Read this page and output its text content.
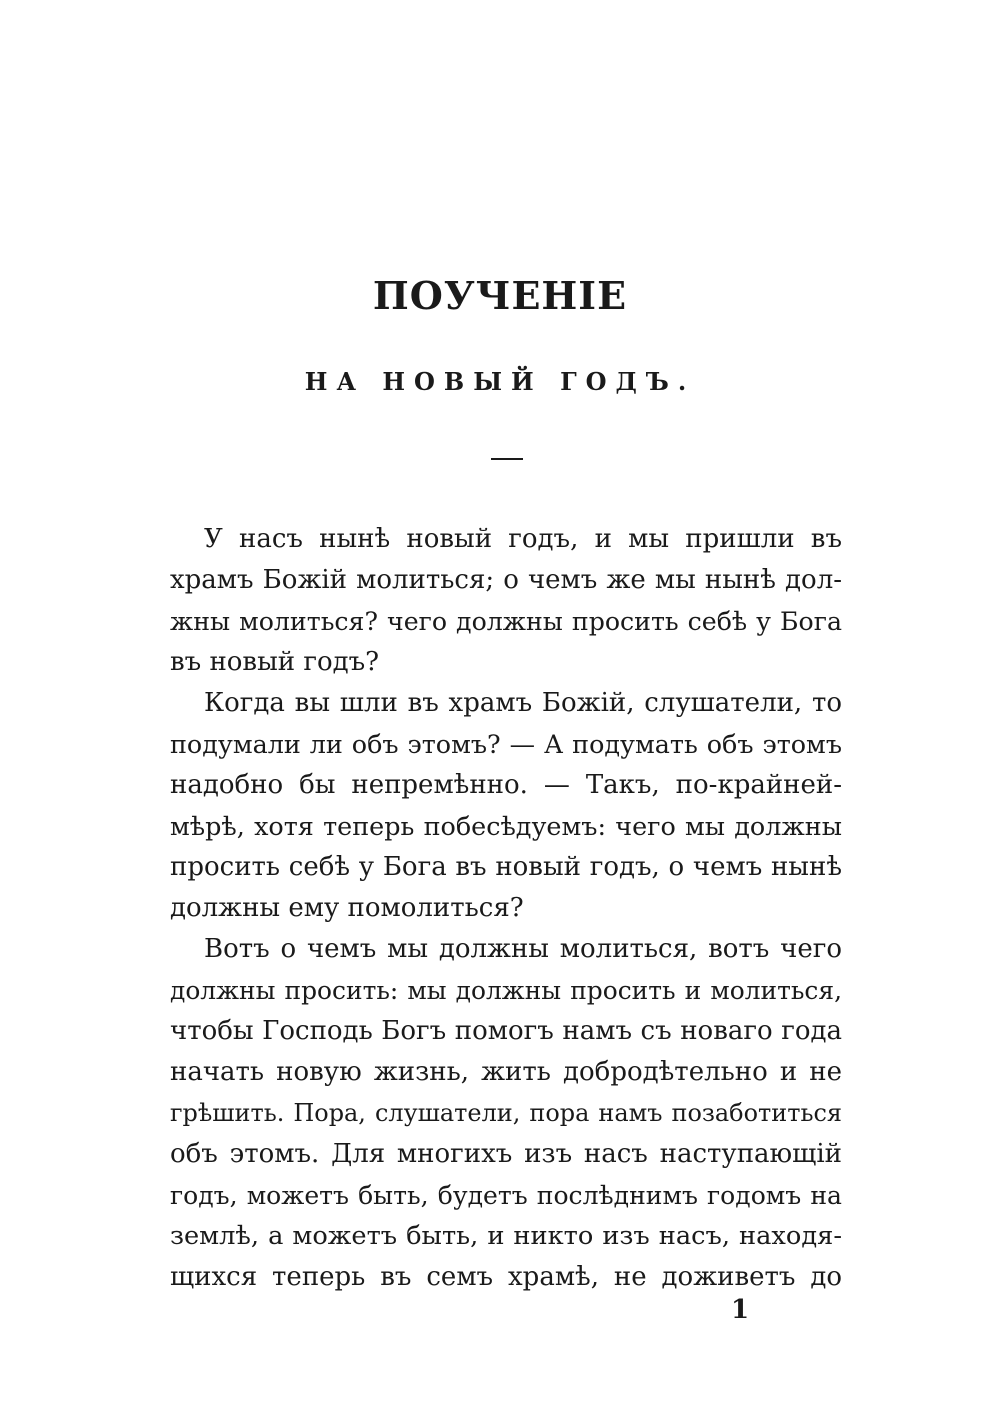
ПОУЧЕНІЕ
НА НОВЫЙ ГОДЪ.
У насъ нынѣ новый годъ, и мы пришли въ
храмъ Божій молиться; о чемъ же мы нынѣ дол-
жны молиться? чего должны просить себѣ у Бога
въ новый годъ?
Когда вы шли въ храмъ Божій, слушатели, то
подумали ли объ этомъ? — А подумать объ этомъ
надобно бы непремѣнно. — Такъ, по-крайней-
мѣрѣ, хотя теперь побесѣдуемъ: чего мы должны
просить себѣ у Бога въ новый годъ, о чемъ нынѣ
должны ему помолиться?
Вотъ о чемъ мы должны молиться, вотъ чего
должны просить: мы должны просить и молиться,
чтобы Господь Богъ помогъ намъ съ новаго года
начать новую жизнь, жить добродѣтельно и не
грѣшить. Пора, слушатели, пора намъ позаботиться
объ этомъ. Для многихъ изъ насъ наступающій
годъ, можетъ быть, будетъ послѣднимъ годомъ на
землѣ, а можетъ быть, и никто изъ насъ, находя-
щихся теперь въ семъ храмѣ, не доживетъ до
1
